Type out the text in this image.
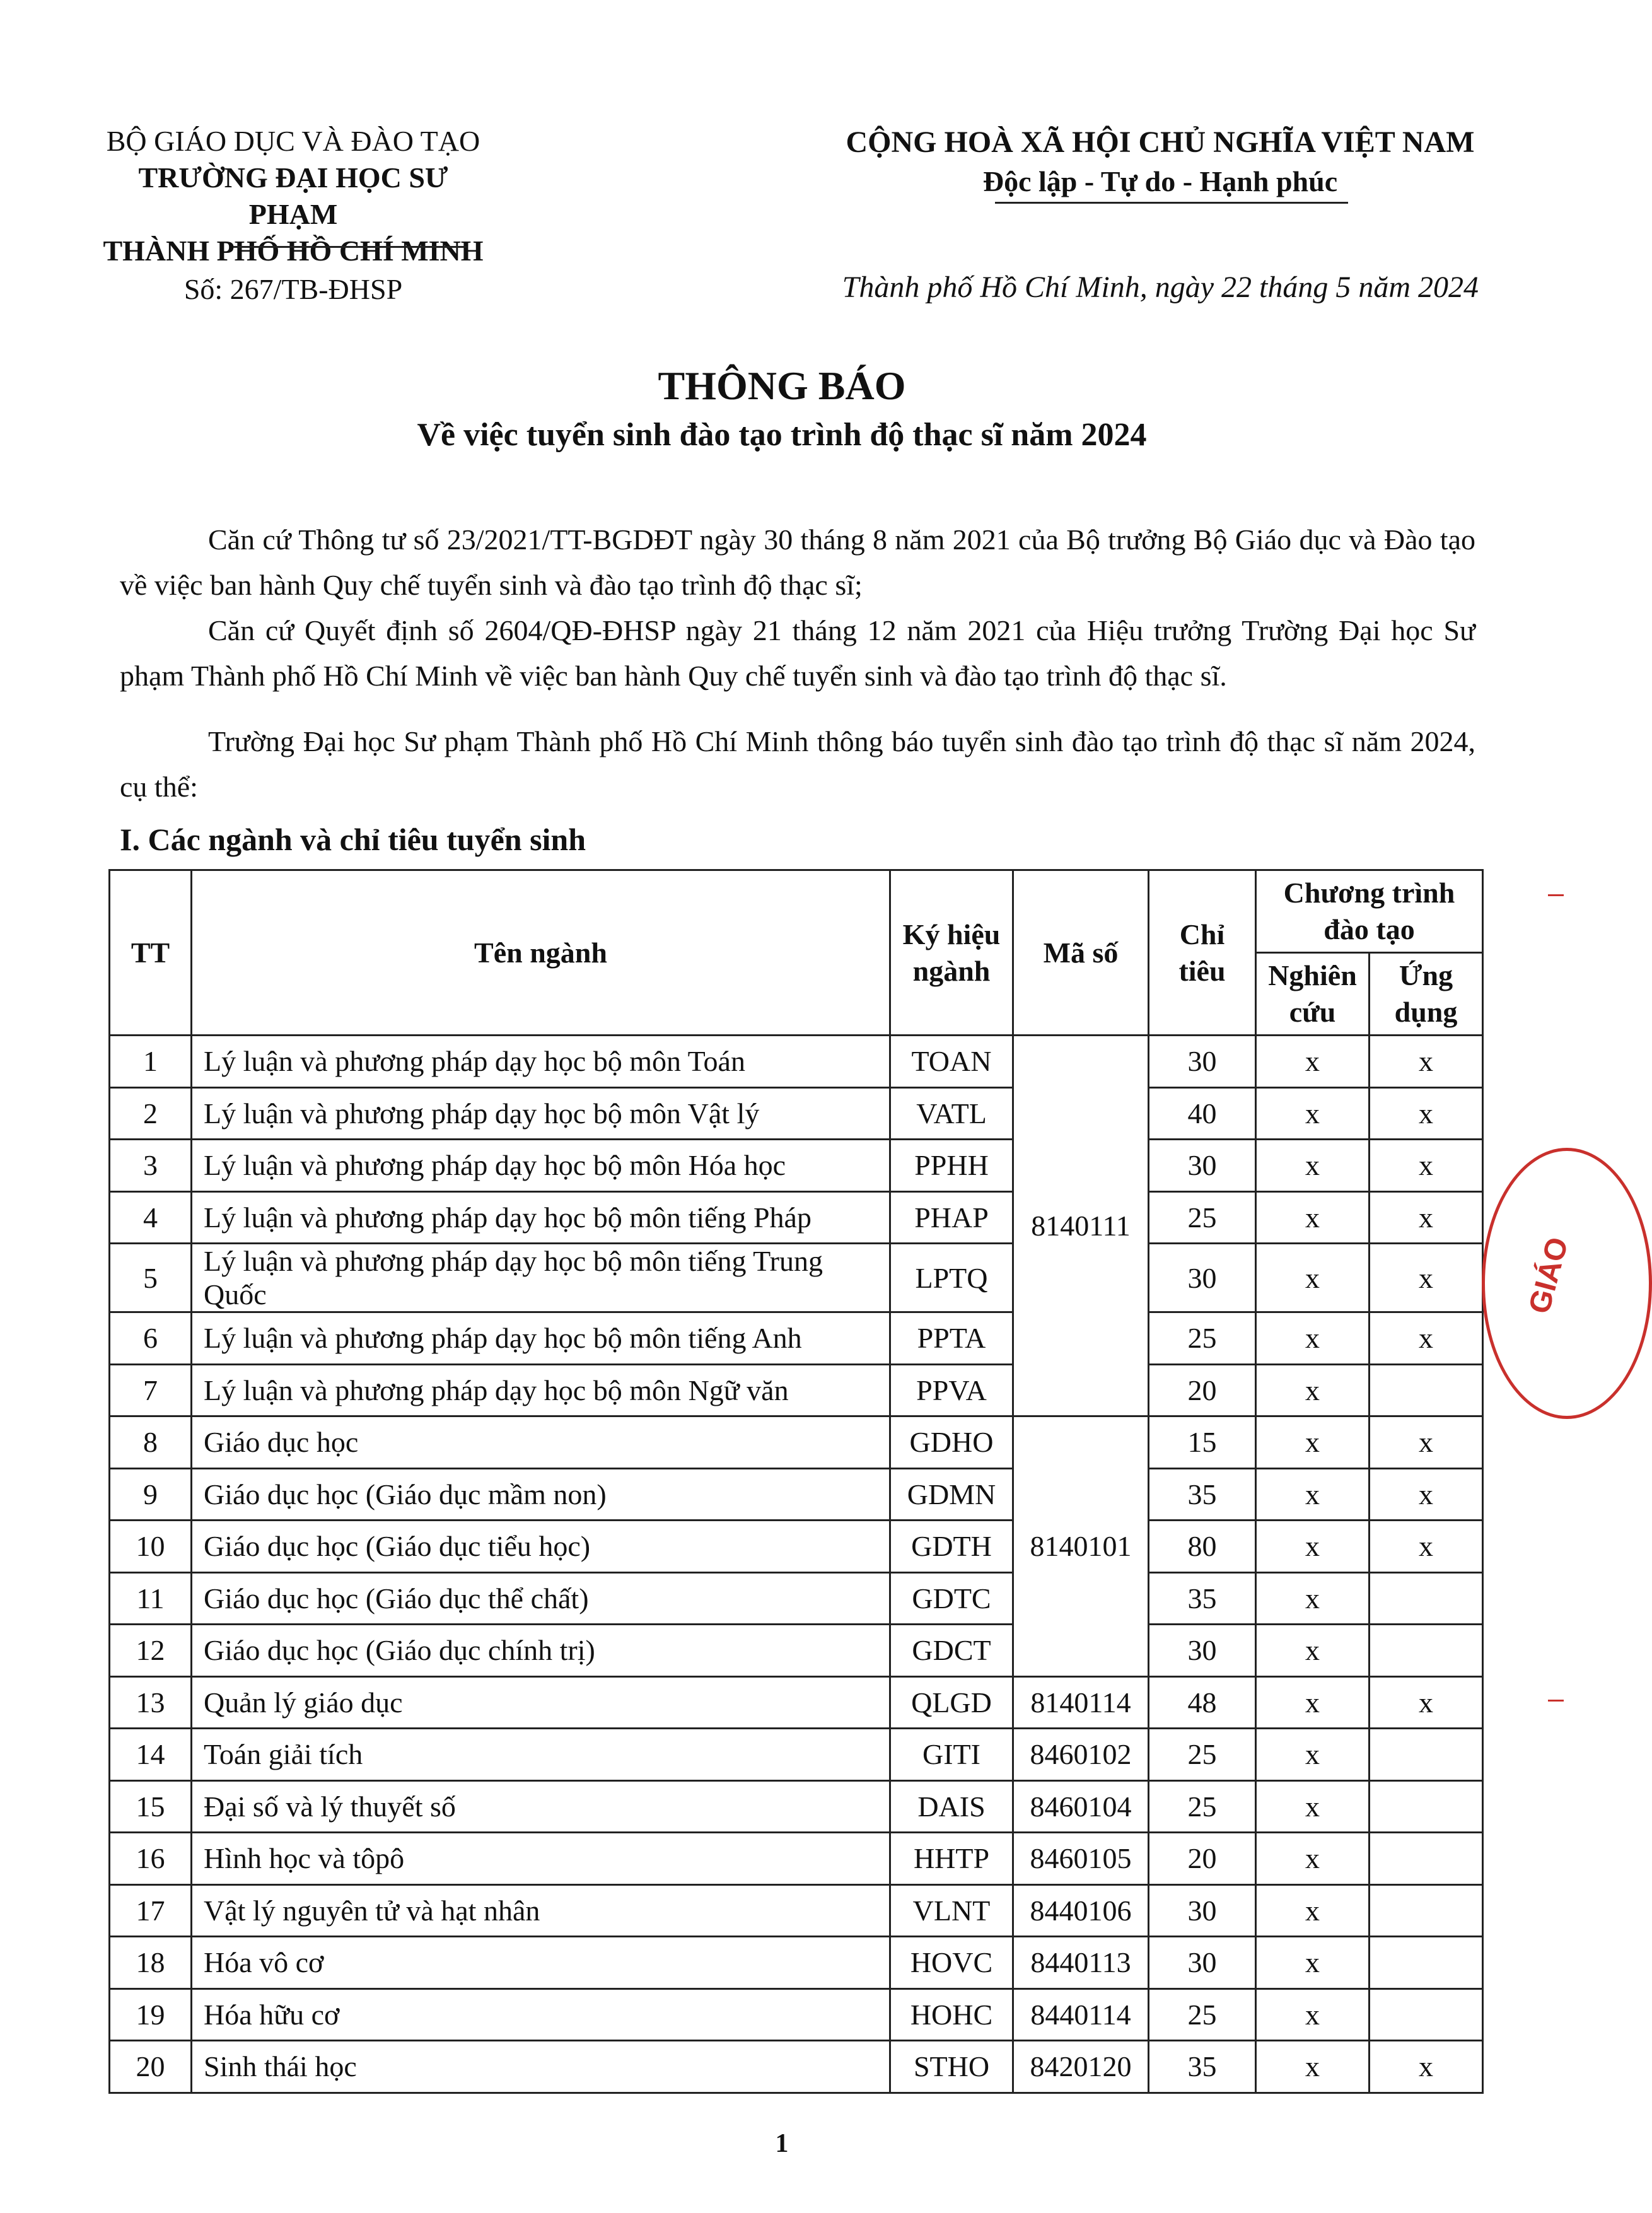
BỘ GIÁO DỤC VÀ ĐÀO TẠO
TRƯỜNG ĐẠI HỌC SƯ PHẠM
THÀNH PHỐ HỒ CHÍ MINH
Số: 267/TB-ĐHSP
CỘNG HOÀ XÃ HỘI CHỦ NGHĨA VIỆT NAM
Độc lập - Tự do - Hạnh phúc
Thành phố Hồ Chí Minh, ngày 22 tháng 5 năm 2024
THÔNG BÁO
Về việc tuyển sinh đào tạo trình độ thạc sĩ năm 2024
Căn cứ Thông tư số 23/2021/TT-BGDĐT ngày 30 tháng 8 năm 2021 của Bộ trưởng Bộ Giáo dục và Đào tạo về việc ban hành Quy chế tuyển sinh và đào tạo trình độ thạc sĩ;
Căn cứ Quyết định số 2604/QĐ-ĐHSP ngày 21 tháng 12 năm 2021 của Hiệu trưởng Trường Đại học Sư phạm Thành phố Hồ Chí Minh về việc ban hành Quy chế tuyển sinh và đào tạo trình độ thạc sĩ.
Trường Đại học Sư phạm Thành phố Hồ Chí Minh thông báo tuyển sinh đào tạo trình độ thạc sĩ năm 2024, cụ thể:
I. Các ngành và chỉ tiêu tuyển sinh
TT	Tên ngành	Ký hiệu ngành	Mã số	Chỉ tiêu	Chương trình đào tạo	
					Nghiên cứu	Ứng dụng
1	Lý luận và phương pháp dạy học bộ môn Toán	TOAN	8140111	30	x	x
2	Lý luận và phương pháp dạy học bộ môn Vật lý	VATL		40	x	x
3	Lý luận và phương pháp dạy học bộ môn Hóa học	PPHH		30	x	x
4	Lý luận và phương pháp dạy học bộ môn tiếng Pháp	PHAP		25	x	x
5	Lý luận và phương pháp dạy học bộ môn tiếng Trung Quốc	LPTQ		30	x	x
6	Lý luận và phương pháp dạy học bộ môn tiếng Anh	PPTA		25	x	x
7	Lý luận và phương pháp dạy học bộ môn Ngữ văn	PPVA		20	x	
8	Giáo dục học	GDHO	8140101	15	x	x
9	Giáo dục học (Giáo dục mầm non)	GDMN		35	x	x
10	Giáo dục học (Giáo dục tiểu học)	GDTH		80	x	x
11	Giáo dục học (Giáo dục thể chất)	GDTC		35	x	
12	Giáo dục học (Giáo dục chính trị)	GDCT		30	x	
13	Quản lý giáo dục	QLGD	8140114	48	x	x
14	Toán giải tích	GITI	8460102	25	x	
15	Đại số và lý thuyết số	DAIS	8460104	25	x	
16	Hình học và tôpô	HHTP	8460105	20	x	
17	Vật lý nguyên tử và hạt nhân	VLNT	8440106	30	x	
18	Hóa vô cơ	HOVC	8440113	30	x	
19	Hóa hữu cơ	HOHC	8440114	25	x	
20	Sinh thái học	STHO	8420120	35	x	x
1
GIÁO
